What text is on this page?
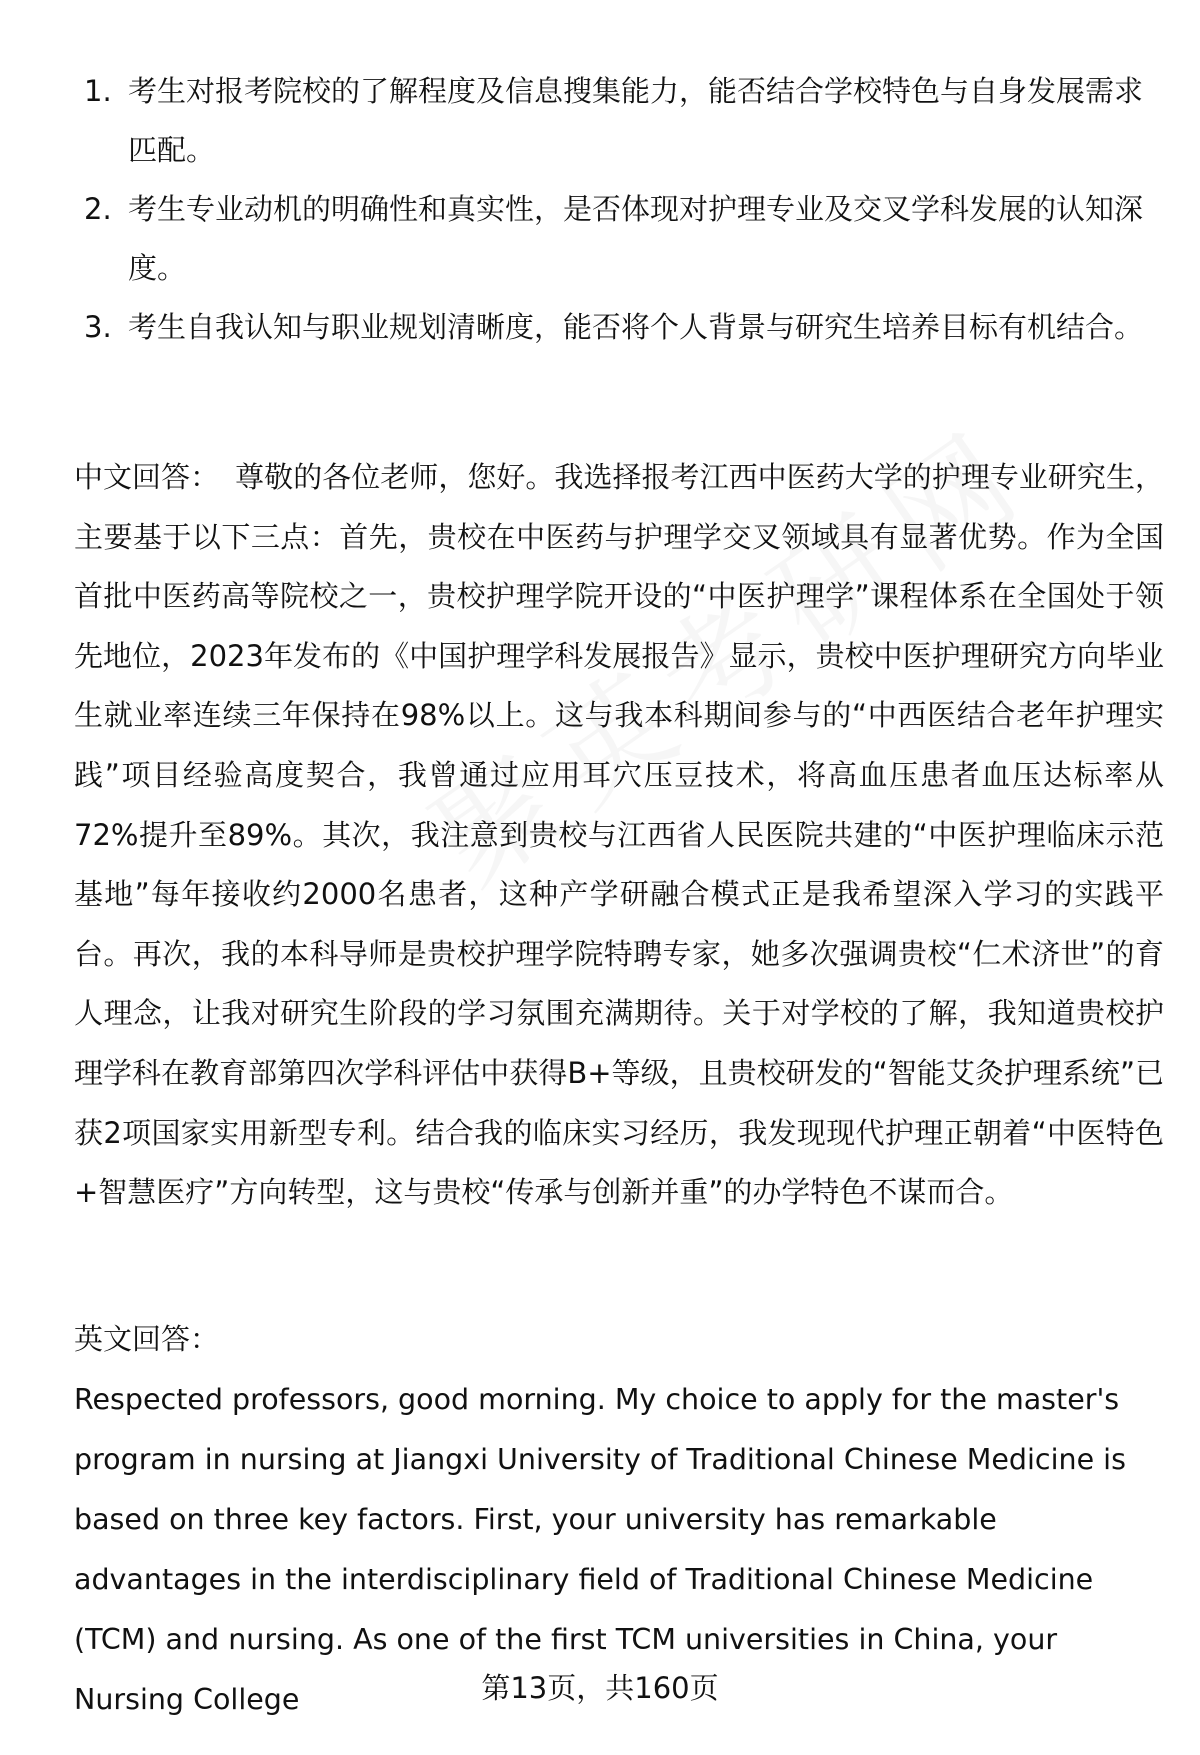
1. 考生对报考院校的了解程度及信息搜集能力，能否结合学校特色与自身发展需求匹配。
2. 考生专业动机的明确性和真实性，是否体现对护理专业及交叉学科发展的认知深度。
3. 考生自我认知与职业规划清晰度，能否将个人背景与研究生培养目标有机结合。

中文回答： 尊敬的各位老师，您好。我选择报考江西中医药大学的护理专业研究生，主要基于以下三点：首先，贵校在中医药与护理学交叉领域具有显著优势。作为全国首批中医药高等院校之一，贵校护理学院开设的“中医护理学”课程体系在全国处于领先地位，2023年发布的《中国护理学科发展报告》显示，贵校中医护理研究方向毕业生就业率连续三年保持在98%以上。这与我本科期间参与的“中西医结合老年护理实践”项目经验高度契合，我曾通过应用耳穴压豆技术，将高血压患者血压达标率从72%提升至89%。其次，我注意到贵校与江西省人民医院共建的“中医护理临床示范基地”每年接收约2000名患者，这种产学研融合模式正是我希望深入学习的实践平台。再次，我的本科导师是贵校护理学院特聘专家，她多次强调贵校“仁术济世”的育人理念，让我对研究生阶段的学习氛围充满期待。关于对学校的了解，我知道贵校护理学科在教育部第四次学科评估中获得B+等级，且贵校研发的“智能艾灸护理系统”已获2项国家实用新型专利。结合我的临床实习经历，我发现现代护理正朝着“中医特色+智慧医疗”方向转型，这与贵校“传承与创新并重”的办学特色不谋而合。

英文回答：

Respected professors, good morning. My choice to apply for the master's program in nursing at Jiangxi University of Traditional Chinese Medicine is based on three key factors. First, your university has remarkable advantages in the interdisciplinary field of Traditional Chinese Medicine (TCM) and nursing. As one of the first TCM universities in China, your Nursing College	第13页，共160页
